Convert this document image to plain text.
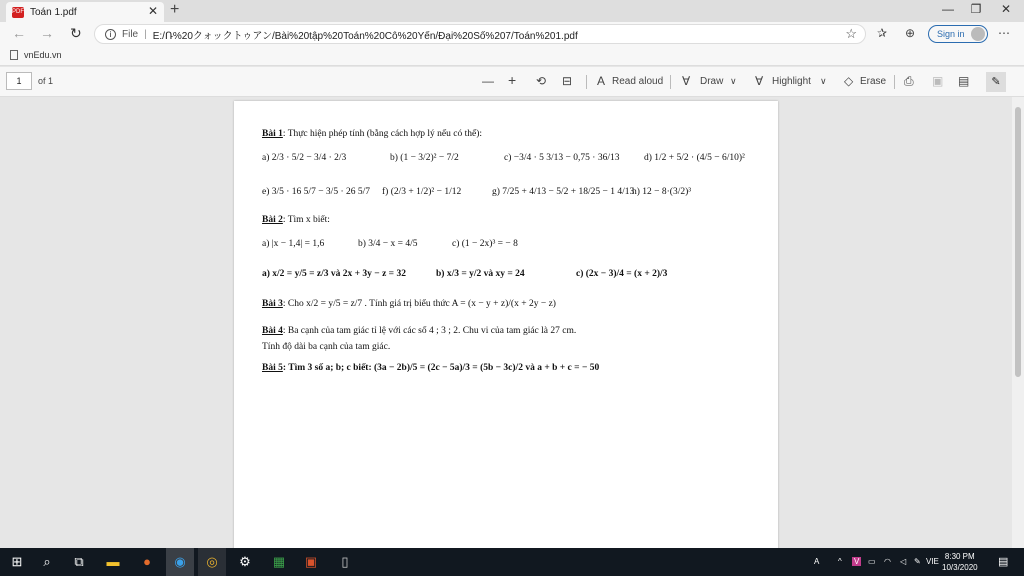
PDF Toán 1.pdf	✕ +	—	❐	✕
← → ↻	i	File | E:/Ռ%20クォックトゥアン/Bài%20tập%20Toán%20Cô%20Yến/Đại%20Số%207/Toán%201.pdf	☆ ✰ ⊕ Sign in	⋯
vnEdu.vn
1	of 1	— + ⟲ ⊟ A Read aloud ∀ Draw ∨ ∀ Highlight ∨ ◇ Erase ⎙ ▣ ▤	✎
Bài 1: Thực hiện phép tính (bằng cách hợp lý nếu có thể):
a) 2/3 · 5/2 − 3/4 · 2/3	b) (1 − 3/2)² − 7/2	c) −3/4 · 5 3/13 − 0,75 · 36/13	d) 1/2 + 5/2 · (4/5 − 6/10)²
e) 3/5 · 16 5/7 − 3/5 · 26 5/7 f) (2/3 + 1/2)² − 1/12	g) 7/25 + 4/13 − 5/2 + 18/25 − 1 4/13
h) 12 − 8·(3/2)³
Bài 2: Tìm x biết:
a) |x − 1,4| = 1,6	b) 3/4 − x = 4/5	c) (1 − 2x)³ = − 8
a) x/2 = y/5 = z/3 và 2x + 3y − z = 32	b) x/3 = y/2 và xy = 24	c) (2x − 3)/4 = (x + 2)/3
Bài 3: Cho x/2 = y/5 = z/7 . Tính giá trị biểu thức A = (x − y + z)/(x + 2y − z)
Bài 4: Ba cạnh của tam giác tỉ lệ với các số 4 ; 3 ; 2. Chu vi của tam giác là 27 cm.
Tính độ dài ba cạnh của tam giác.
Bài 5: Tìm 3 số a; b; c biết: (3a − 2b)/5 = (2c − 5a)/3 = (5b − 3c)/2 và a + b + c = − 50
⊞	⌕	⧉	▬	●	◉	◎	⚙	▦	▣	▯	A ^ V ▭ ◠ ◁ ✎ VIE
8:30 PM
10/3/2020 ▤
